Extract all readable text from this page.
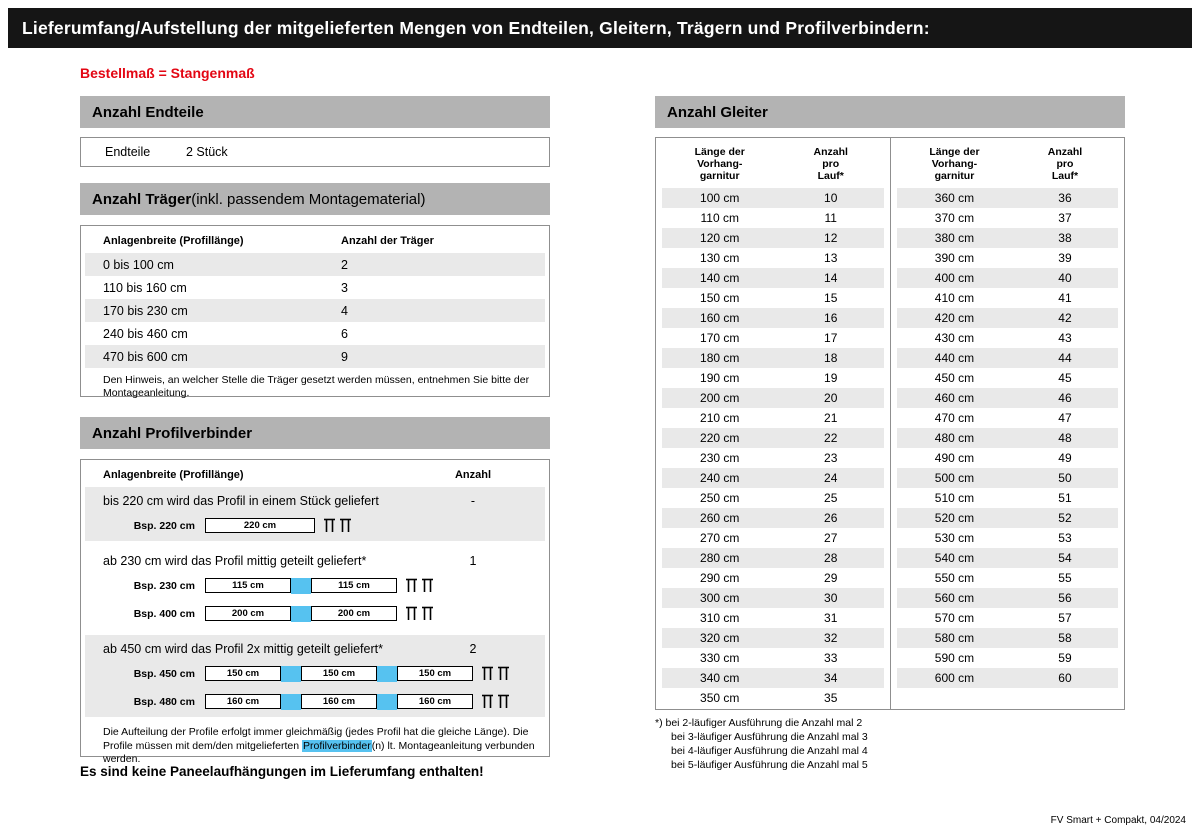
Lieferumfang/Aufstellung der mitgelieferten Mengen von Endteilen, Gleitern, Trägern und Profilverbindern:
Bestellmaß = Stangenmaß
Anzahl Endteile
Endteile	2 Stück
Anzahl Träger (inkl. passendem Montagematerial)
Anlagenbreite (Profillänge)	Anzahl der Träger
0 bis 100 cm	2
110 bis 160 cm	3
170 bis 230 cm	4
240 bis 460 cm	6
470 bis 600 cm	9
Den Hinweis, an welcher Stelle die Träger gesetzt werden müssen, entnehmen Sie bitte der Montageanleitung.
Anzahl Profilverbinder
Anlagenbreite (Profillänge)	Anzahl
bis 220 cm wird das Profil in einem Stück geliefert	-
Bsp. 220 cm	220 cm
ab 230 cm wird das Profil mittig geteilt geliefert*	1
Bsp. 230 cm	115 cm	115 cm
Bsp. 400 cm	200 cm	200 cm
ab 450 cm wird das Profil 2x mittig geteilt geliefert*	2
Bsp. 450 cm	150 cm	150 cm	150 cm
Bsp. 480 cm	160 cm	160 cm	160 cm
Die Aufteilung der Profile erfolgt immer gleichmäßig (jedes Profil hat die gleiche Länge). Die Profile müssen mit dem/den mitgelieferten Profilverbinder(n) lt. Montageanleitung verbunden werden.
Es sind keine Paneelaufhängungen im Lieferumfang enthalten!
Anzahl Gleiter
Länge der
Vorhang-
garnitur
Anzahl
pro
Lauf*
100 cm	10
110 cm	11
120 cm	12
130 cm	13
140 cm	14
150 cm	15
160 cm	16
170 cm	17
180 cm	18
190 cm	19
200 cm	20
210 cm	21
220 cm	22
230 cm	23
240 cm	24
250 cm	25
260 cm	26
270 cm	27
280 cm	28
290 cm	29
300 cm	30
310 cm	31
320 cm	32
330 cm	33
340 cm	34
350 cm	35
Länge der
Vorhang-
garnitur
Anzahl
pro
Lauf*
360 cm	36
370 cm	37
380 cm	38
390 cm	39
400 cm	40
410 cm	41
420 cm	42
430 cm	43
440 cm	44
450 cm	45
460 cm	46
470 cm	47
480 cm	48
490 cm	49
500 cm	50
510 cm	51
520 cm	52
530 cm	53
540 cm	54
550 cm	55
560 cm	56
570 cm	57
580 cm	58
590 cm	59
600 cm	60
*) bei 2-läufiger Ausführung die Anzahl mal 2
bei 3-läufiger Ausführung die Anzahl mal 3
bei 4-läufiger Ausführung die Anzahl mal 4
bei 5-läufiger Ausführung die Anzahl mal 5
FV Smart + Compakt, 04/2024
